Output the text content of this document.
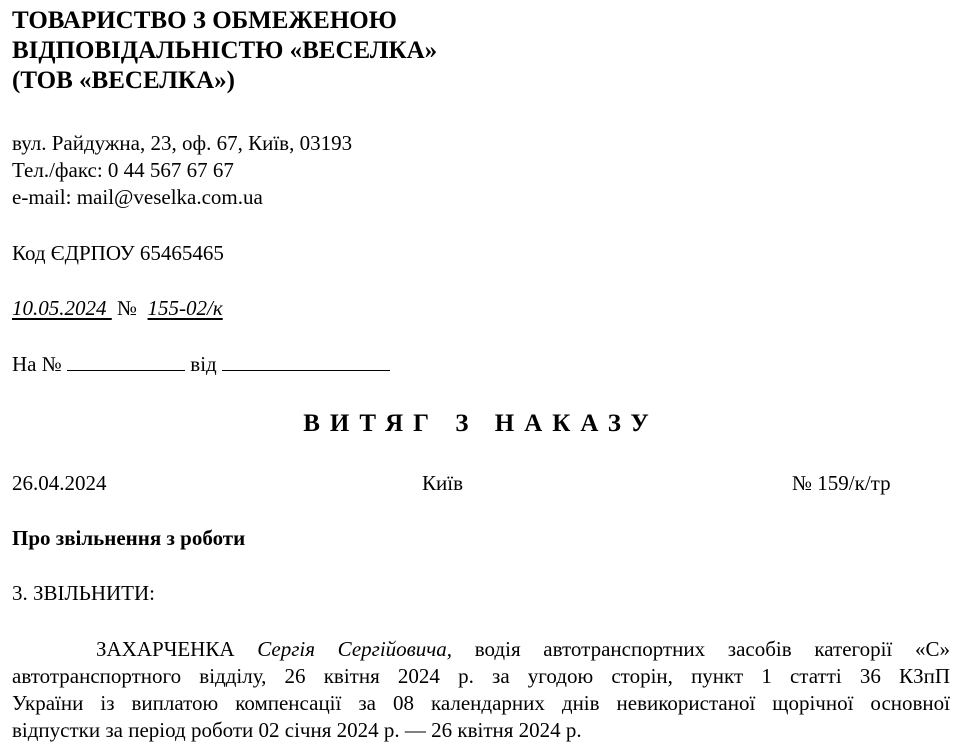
ТОВАРИСТВО З ОБМЕЖЕНОЮ
ВІДПОВІДАЛЬНІСТЮ «ВЕСЕЛКА»
(ТОВ «ВЕСЕЛКА»)
вул. Райдужна, 23, оф. 67, Київ, 03193
Тел./факс: 0 44 567 67 67
e-mail: mail@veselka.com.ua
Код ЄДРПОУ 65465465
10.05.2024  №  155-02/к
На №	від
ВИТЯГ З НАКАЗУ
26.04.2024	Київ	№ 159/к/тр
Про звільнення з роботи
3. ЗВІЛЬНИТИ:
ЗАХАРЧЕНКА Сергія Сергійовича, водія автотранспортних засобів категорії «С»
автотранспортного відділу, 26 квітня 2024 р. за угодою сторін, пункт 1 статті 36 КЗпП
України із виплатою компенсації за 08 календарних днів невикористаної щорічної основної
відпустки за період роботи 02 січня 2024 р. — 26 квітня 2024 р.
